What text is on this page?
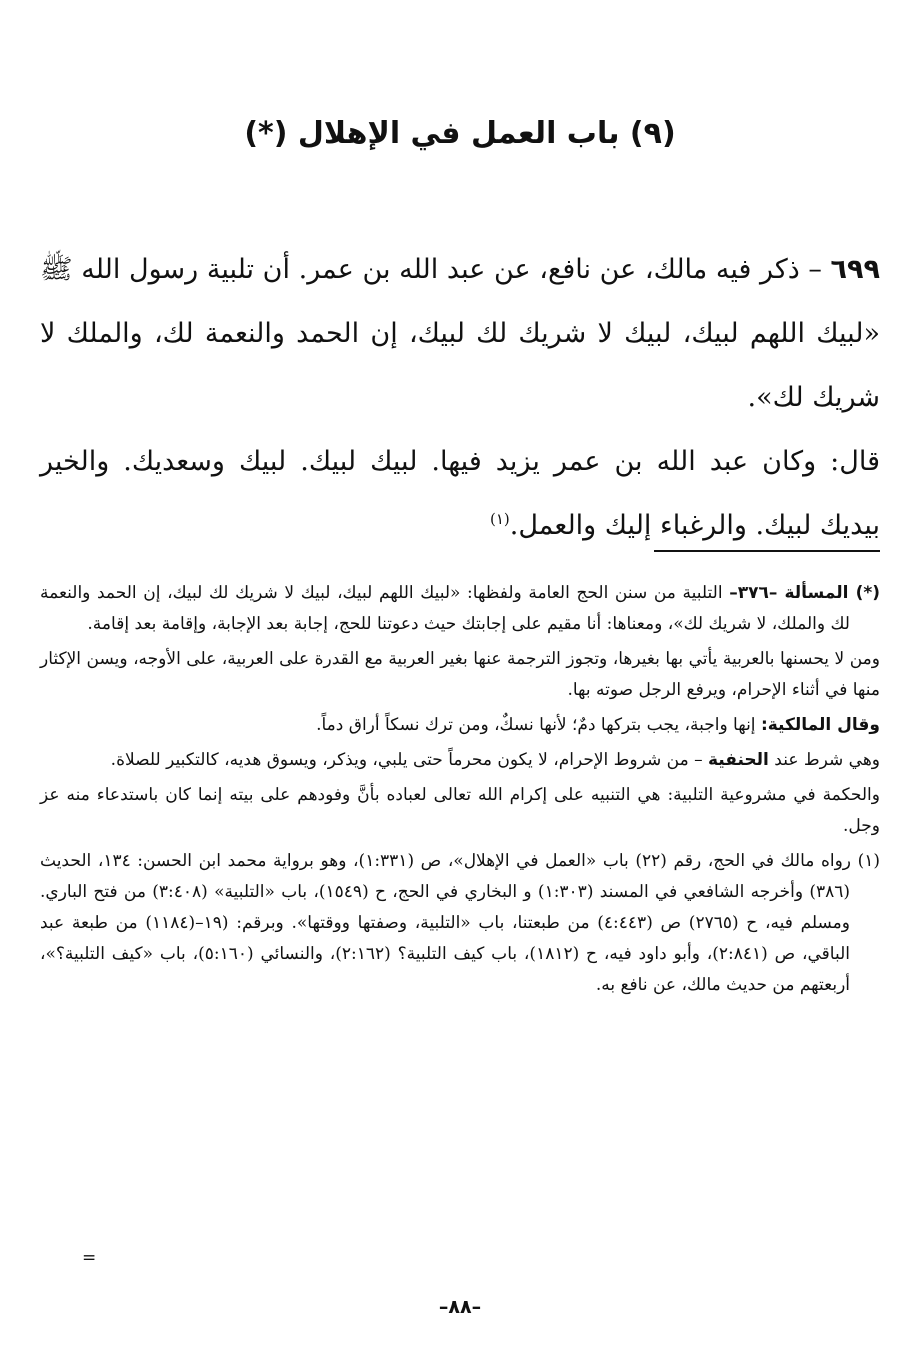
(٩) باب العمل في الإهلال (*)

٦٩٩ – ذكر فيه مالك، عن نافع، عن عبد الله بن عمر. أن تلبية رسول الله ﷺ «لبيك اللهم لبيك، لبيك لا شريك لك لبيك، إن الحمد والنعمة لك، والملك لا شريك لك».

قال: وكان عبد الله بن عمر يزيد فيها. لبيك لبيك. لبيك وسعديك. والخير بيديك لبيك. والرغباء إليك والعمل.$^{(١)}$

(*) المسألة –٣٧٦– التلبية من سنن الحج العامة ولفظها: «لبيك اللهم لبيك، لبيك لا شريك لك لبيك، إن الحمد والنعمة لك والملك، لا شريك لك»، ومعناها: أنا مقيم على إجابتك حيث دعوتنا للحج، إجابة بعد الإجابة، وإقامة بعد إقامة.

ومن لا يحسنها بالعربية يأتي بها بغيرها، وتجوز الترجمة عنها بغير العربية مع القدرة على العربية، على الأوجه، ويسن الإكثار منها في أثناء الإحرام، ويرفع الرجل صوته بها.

وقال المالكية: إنها واجبة، يجب بتركها دمٌ؛ لأنها نسكٌ، ومن ترك نسكاً أراق دماً.

وهي شرط عند الحنفية – من شروط الإحرام، لا يكون محرماً حتى يلبي، ويذكر، ويسوق هديه، كالتكبير للصلاة.

والحكمة في مشروعية التلبية: هي التنبيه على إكرام الله تعالى لعباده بأنَّ وفودهم على بيته إنما كان باستدعاء منه عز وجل.

(١) رواه مالك في الحج، رقم (٢٢) باب «العمل في الإهلال»، ص (١:٣٣١)، وهو برواية محمد ابن الحسن: ١٣٤، الحديث (٣٨٦) وأخرجه الشافعي في المسند (١:٣٠٣) و البخاري في الحج، ح (١٥٤٩)، باب «التلبية» (٣:٤٠٨) من فتح الباري. ومسلم فيه، ح (٢٧٦٥) ص (٤:٤٤٣) من طبعتنا، باب «التلبية، وصفتها ووقتها». وبرقم: (١٩–(١١٨٤) من طبعة عبد الباقي، ص (٢:٨٤١)، وأبو داود فيه، ح (١٨١٢)، باب كيف التلبية؟ (٢:١٦٢)، والنسائي (٥:١٦٠)، باب «كيف التلبية؟»، أربعتهم من حديث مالك، عن نافع به.

=
–٨٨–
